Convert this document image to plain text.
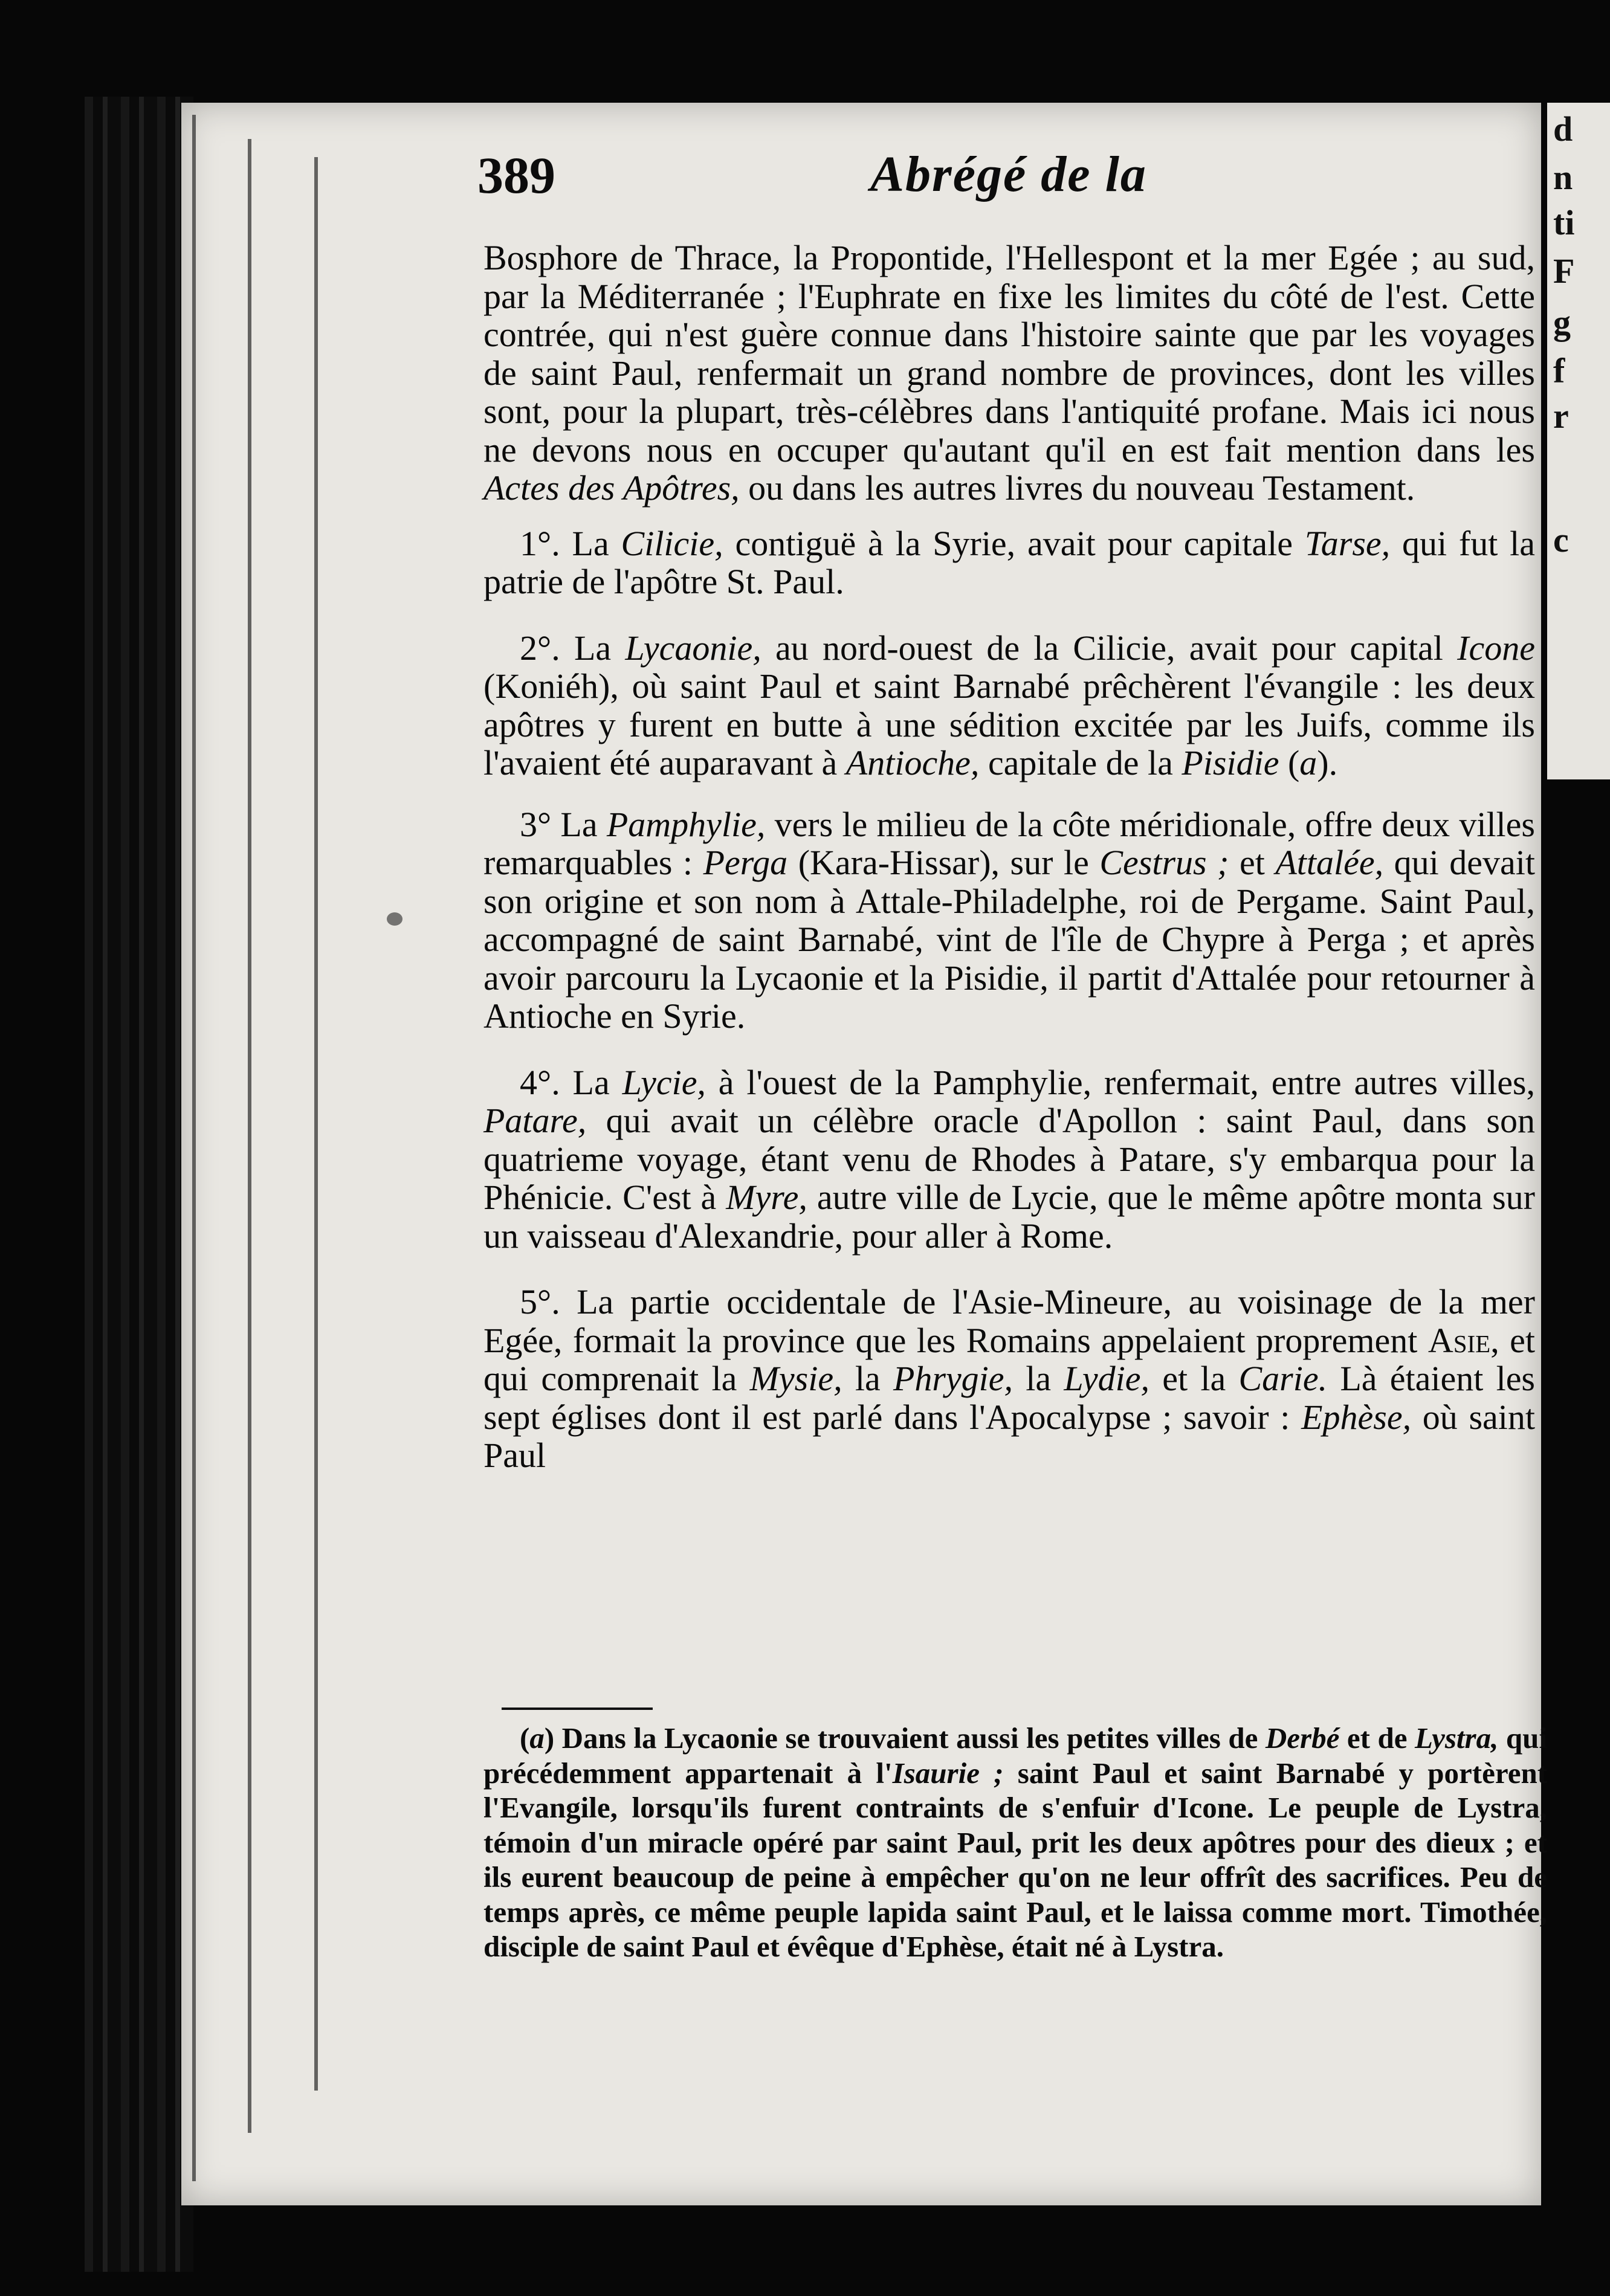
d
n
ti
F
g
f
r
c
389	Abrégé de la

Bosphore de Thrace, la Propontide, l'Hellespont et la mer Egée ; au sud, par la Méditerranée ; l'Euphrate en fixe les limites du côté de l'est. Cette contrée, qui n'est guère connue dans l'histoire sainte que par les voyages de saint Paul, renfermait un grand nombre de provinces, dont les villes sont, pour la plupart, très-célèbres dans l'antiquité profane. Mais ici nous ne devons nous en occuper qu'autant qu'il en est fait mention dans les Actes des Apôtres, ou dans les autres livres du nouveau Testament.

1°. La Cilicie, contiguë à la Syrie, avait pour capitale Tarse, qui fut la patrie de l'apôtre St. Paul.

2°. La Lycaonie, au nord-ouest de la Cilicie, avait pour capital Icone (Koniéh), où saint Paul et saint Barnabé prêchèrent l'évangile : les deux apôtres y furent en butte à une sédition excitée par les Juifs, comme ils l'avaient été auparavant à Antioche, capitale de la Pisidie (a).

3° La Pamphylie, vers le milieu de la côte méridionale, offre deux villes remarquables : Perga (Kara-Hissar), sur le Cestrus ; et Attalée, qui devait son origine et son nom à Attale-Philadelphe, roi de Pergame. Saint Paul, accompagné de saint Barnabé, vint de l'île de Chypre à Perga ; et après avoir parcouru la Lycaonie et la Pisidie, il partit d'Attalée pour retourner à Antioche en Syrie.

4°. La Lycie, à l'ouest de la Pamphylie, renfermait, entre autres villes, Patare, qui avait un célèbre oracle d'Apollon : saint Paul, dans son quatrieme voyage, étant venu de Rhodes à Patare, s'y embarqua pour la Phénicie. C'est à Myre, autre ville de Lycie, que le même apôtre monta sur un vaisseau d'Alexandrie, pour aller à Rome.

5°. La partie occidentale de l'Asie-Mineure, au voisinage de la mer Egée, formait la province que les Romains appelaient proprement Asie, et qui comprenait la Mysie, la Phrygie, la Lydie, et la Carie. Là étaient les sept églises dont il est parlé dans l'Apocalypse ; savoir : Ephèse, où saint Paul

(a) Dans la Lycaonie se trouvaient aussi les petites villes de Derbé et de Lystra, qui précédemment appartenait à l'Isaurie ; saint Paul et saint Barnabé y portèrent l'Evangile, lorsqu'ils furent contraints de s'enfuir d'Icone. Le peuple de Lystra, témoin d'un miracle opéré par saint Paul, prit les deux apôtres pour des dieux ; et ils eurent beaucoup de peine à empêcher qu'on ne leur offrît des sacrifices. Peu de temps après, ce même peuple lapida saint Paul, et le laissa comme mort. Timothée, disciple de saint Paul et évêque d'Ephèse, était né à Lystra.
